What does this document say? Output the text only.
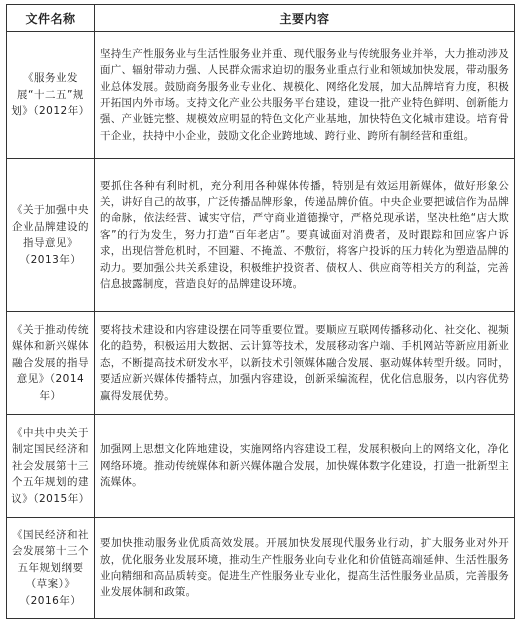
文件名称	主要内容
《服务业发展“十二五”规划》（2012年）	坚持生产性服务业与生活性服务业并重、现代服务业与传统服务业并举，大力推动涉及面广、辐射带动力强、人民群众需求迫切的服务业重点行业和领域加快发展，带动服务业总体发展。鼓励商务服务业专业化、规模化、网络化发展，加大品牌培育力度，积极开拓国内外市场。支持文化产业公共服务平台建设，建设一批产业特色鲜明、创新能力强、产业链完整、规模效应明显的特色文化产业基地，加快特色文化城市建设。培育骨干企业，扶持中小企业，鼓励文化企业跨地域、跨行业、跨所有制经营和重组。
《关于加强中央企业品牌建设的指导意见》（2013年）	要抓住各种有利时机，充分利用各种媒体传播，特别是有效运用新媒体，做好形象公关，讲好自己的故事，广泛传播品牌形象，传递品牌价值。中央企业要把诚信作为品牌的命脉，依法经营、诚实守信，严守商业道德操守，严格兑现承诺，坚决杜绝“店大欺客”的行为发生，努力打造“百年老店”。要真诚面对消费者，及时跟踪和回应客户诉求，出现信誉危机时，不回避、不掩盖、不敷衍，将客户投诉的压力转化为塑造品牌的动力。要加强公共关系建设，积极维护投资者、债权人、供应商等相关方的利益，完善信息披露制度，营造良好的品牌建设环境。
《关于推动传统媒体和新兴媒体融合发展的指导意见》（2014年）	要将技术建设和内容建设摆在同等重要位置。要顺应互联网传播移动化、社交化、视频化的趋势，积极运用大数据、云计算等技术，发展移动客户端、手机网站等新应用新业态，不断提高技术研发水平，以新技术引领媒体融合发展、驱动媒体转型升级。同时，要适应新兴媒体传播特点，加强内容建设，创新采编流程，优化信息服务，以内容优势赢得发展优势。
《中共中央关于制定国民经济和社会发展第十三个五年规划的建议》（2015年）	加强网上思想文化阵地建设，实施网络内容建设工程，发展积极向上的网络文化，净化网络环境。推动传统媒体和新兴媒体融合发展，加快媒体数字化建设，打造一批新型主流媒体。
《国民经济和社会发展第十三个五年规划纲要（草案）》（2016年）	要加快推动服务业优质高效发展。开展加快发展现代服务业行动，扩大服务业对外开放，优化服务业发展环境，推动生产性服务业向专业化和价值链高端延伸、生活性服务业向精细和高品质转变。促进生产性服务业专业化，提高生活性服务业品质，完善服务业发展体制和政策。
